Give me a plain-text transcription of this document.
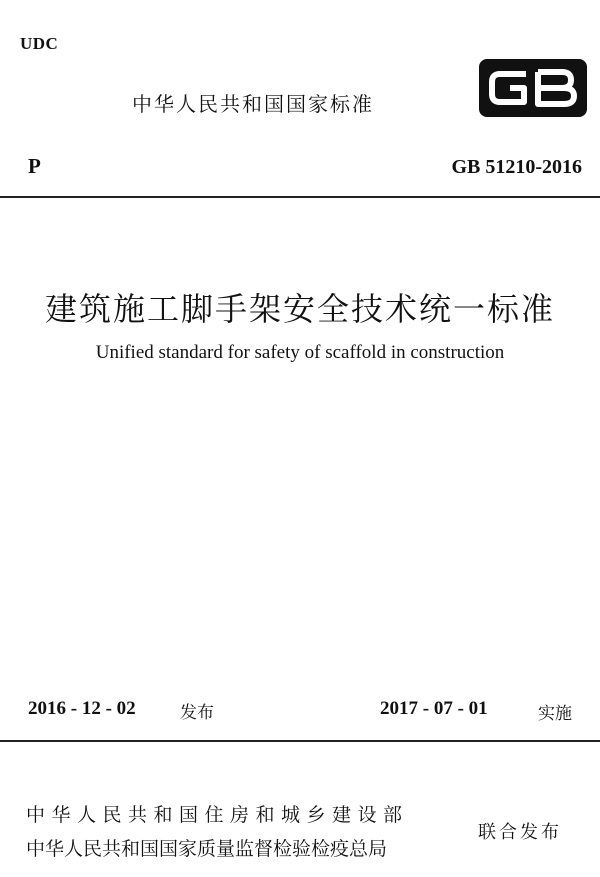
UDC
中华人民共和国国家标准
P	GB 51210-2016
建筑施工脚手架安全技术统一标准
Unified standard for safety of scaffold in construction
2016 - 12 - 02	发布	2017 - 07 - 01	实施
中华人民共和国住房和城乡建设部
中华人民共和国国家质量监督检验检疫总局
联合发布
